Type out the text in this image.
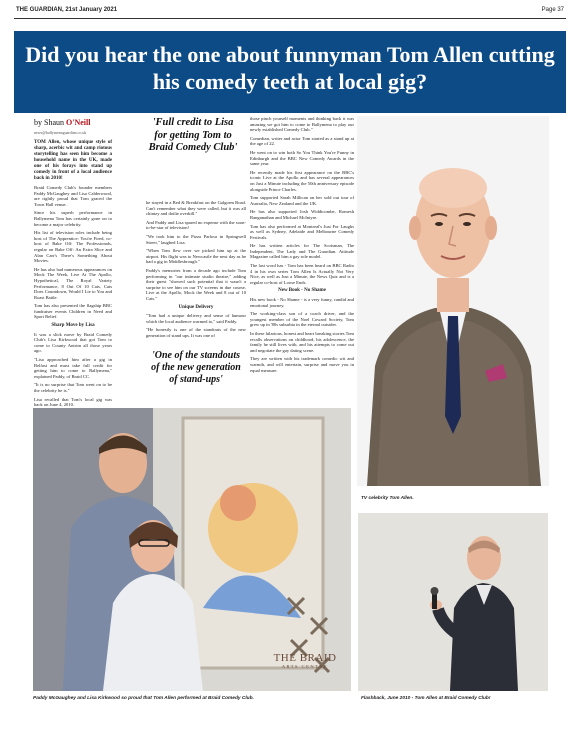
THE GUARDIAN, 21st January 2021	Page 37
Did you hear the one about funnyman Tom Allen cutting his comedy teeth at local gig?
by Shaun O'Neill
news@ballymenaguardian.co.uk

TOM Allen, whose unique style of sharp, acerbic wit and camp riotous storytelling has seen him become a household name in the UK, made one of his forays into stand up comedy in front of a local audience back in 2010!

Braid Comedy Club's founder members Paddy McGaughey and Lisa Calderwood, are rightly proud that Tom graced the Town Hall venue.

Since his superb performance in Ballymena Tom has certainly gone on to become a major celebrity.

His list of television roles include being host of The Apprentice: You're Fired, co-host of Bake Off: The Professionals, regular on Bake Off: An Extra Slice and Alan Carr's There's Something About Movies.

He has also had numerous appearances on Mock The Week, Live At The Apollo, Hypothetical, The Royal Variety Performance, 8 Out Of 10 Cats, Cats Does Countdown, Would I Lie to You and Roast Battle.

Tom has also presented the flagship BBC fundraiser events Children in Need and Sport Relief.

Sharp Move by Lisa

It was a slick move by Braid Comedy Club's Lisa Kirkwood that got Tom to come to County Antrim all those years ago.

"Lisa approached him after a gig in Belfast and must take full credit for getting him to come to Ballymena," explained Paddy, of Braid CC.

"It is no surprise that Tom went on to be the celebrity he is."

Lisa recalled that Tom's local gig was back on June 4, 2010.

'Full credit to Lisa for getting Tom to Braid Comedy Club'

he stayed in a Bed & Breakfast on the Galgorm Road. Can't remember what they were called, but it was all chintzy and doilie overkill."

And Paddy and Lisa spared no expense with the soon-to-be-star of television!

"We took him to the Pizza Parlour in Springwell Street," laughed Lisa.

"When Tom flew over we picked him up at the airport. His flight was to Newcastle the next day as he had a gig in Middlesbrough."

Paddy's memories from a decade ago include Tom performing in "our intimate studio theatre," adding their guest "showed such potential that it wasn't a surprise to see him on our TV screens in due course, Live at the Apollo, Mock the Week and 8 out of 10 Cats."

Unique Delivery

"Tom had a unique delivery and sense of humour which the local audience warmed to," said Paddy.

"He honestly is one of the standouts of the new generation of stand ups. It was one of

'One of the standouts of the new generation of stand-ups'

those pinch yourself moments and thinking back it was amazing we got him to come to Ballymena to play our newly established Comedy Club."

Comedian, writer and actor Tom started as a stand up at the age of 22.

He went on to win both So You Think You're Funny in Edinburgh and the BBC New Comedy Awards in the same year.

He recently made his first appearance on the BBC's iconic Live at the Apollo and has several appearances on Just a Minute including the 50th anniversary episode alongside Prince Charles.

Tom supported Sarah Millican on her sold out tour of Australia, New Zealand and the UK.

He has also supported Josh Widdicombe, Romesh Ranganathan and Michael McIntyre.

Tom has also performed at Montreal's Just For Laughs as well as Sydney, Adelaide and Melbourne Comedy Festivals.

He has written articles for The Scotsman, The Independent, The Lady and The Guardian. Attitude Magazine called him a gay role model.

The last word has - Tom has been heard on BBC Radio 4 in his own series Tom Allen Is Actually Not Very Nice, as well as Just a Minute, the News Quiz and is a regular co-host of Loose Ends.

New Book - No Shame

His new book - No Shame - is a very funny, candid and emotional journey.

The working-class son of a coach driver, and the youngest member of the Noel Coward Society, Tom grew up in '80s suburbia in the eternal outsider.

In these hilarious, honest and heart breaking stories Tom recalls observations on childhood, his adolescence, the family he still lives with, and his attempts to come out and negotiate the gay dating scene.

They are written with his trademark comedic wit and warmth, and will entertain, surprise and move you in equal measure.

TV celebrity Tom Allen.
THE BRAID
ARTS CENTRE
Paddy McGaughey and Lisa Kirkwood so proud that Tom Allen performed at Braid Comedy Club.	Flashback, June 2010 - Tom Allen at Braid Comedy Club!
